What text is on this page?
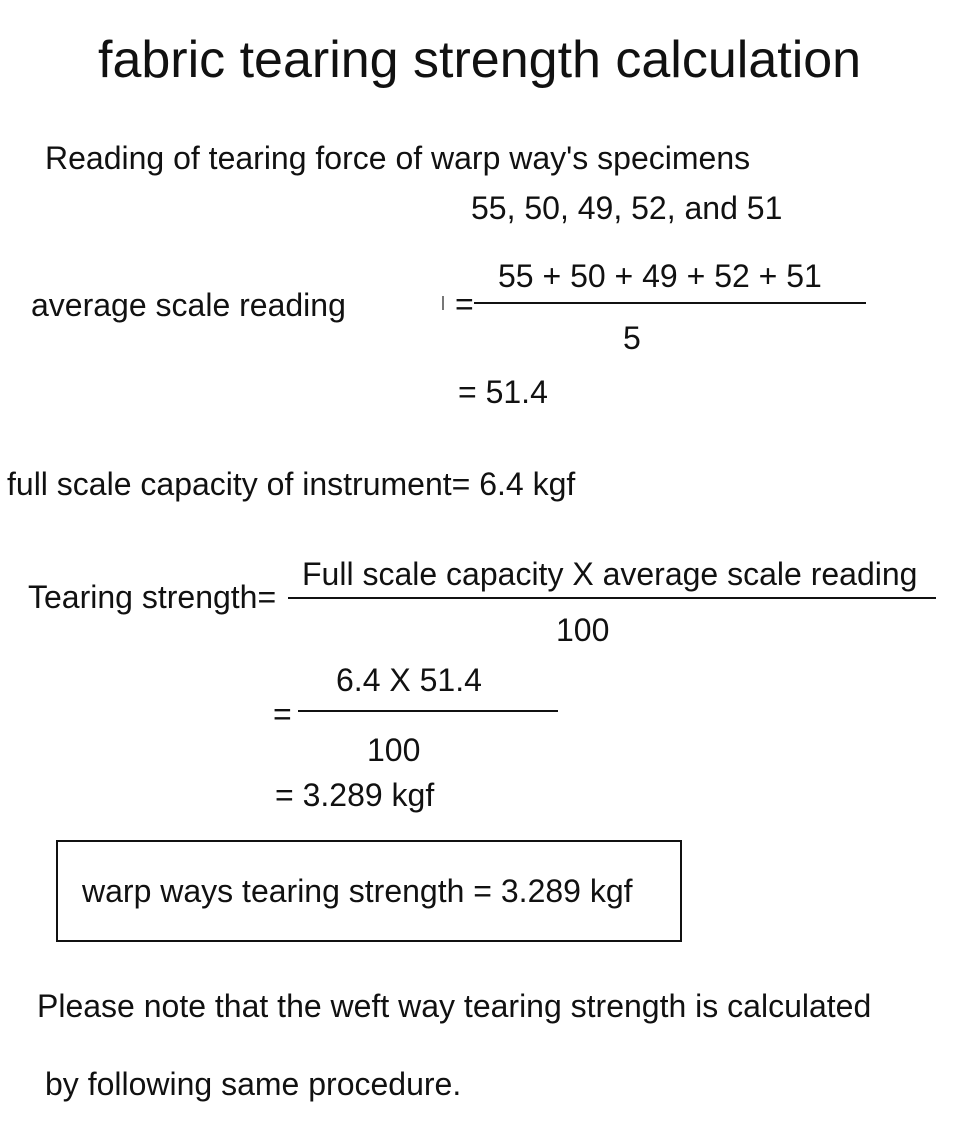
fabric tearing strength calculation
Reading of tearing force of warp way's specimens
55, 50, 49, 52, and 51
average scale reading	=
55 + 50 + 49 + 52 + 51
5
= 51.4
full scale capacity of instrument= 6.4 kgf
Tearing strength=
Full scale capacity X average scale reading
100
=
6.4 X 51.4
100
= 3.289 kgf
warp ways tearing strength = 3.289 kgf
Please note that the weft way tearing strength is calculated
by following same procedure.
